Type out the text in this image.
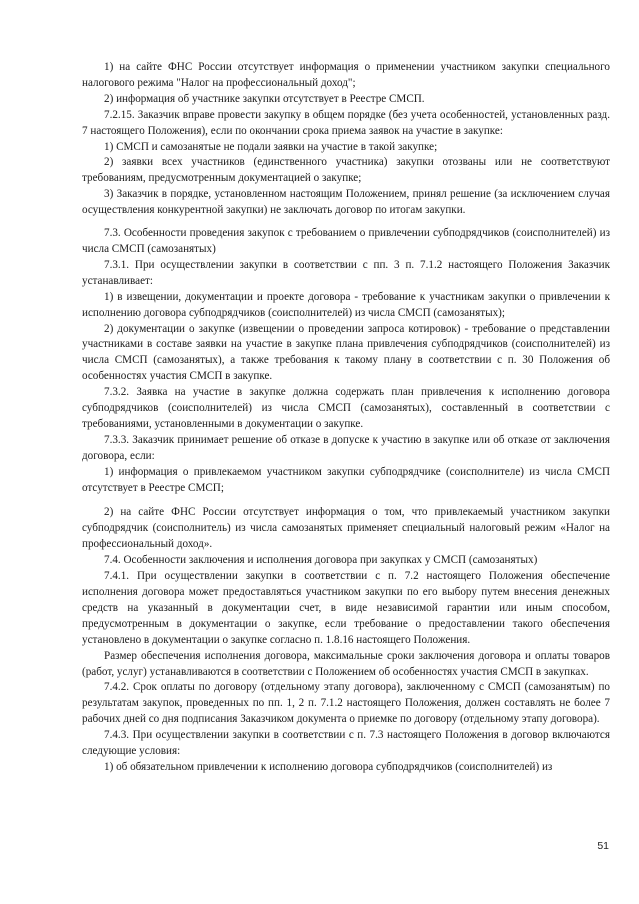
1) на сайте ФНС России отсутствует информация о применении участником закупки специального налогового режима "Налог на профессиональный доход";

2) информация об участнике закупки отсутствует в Реестре СМСП.

7.2.15. Заказчик вправе провести закупку в общем порядке (без учета особенностей, установленных разд. 7 настоящего Положения), если по окончании срока приема заявок на участие в закупке:

1) СМСП и самозанятые не подали заявки на участие в такой закупке;

2) заявки всех участников (единственного участника) закупки отозваны или не соответствуют требованиям, предусмотренным документацией о закупке;

3) Заказчик в порядке, установленном настоящим Положением, принял решение (за исключением случая осуществления конкурентной закупки) не заключать договор по итогам закупки.

7.3. Особенности проведения закупок с требованием о привлечении субподрядчиков (соисполнителей) из числа СМСП (самозанятых)

7.3.1. При осуществлении закупки в соответствии с пп. 3 п. 7.1.2 настоящего Положения Заказчик устанавливает:

1) в извещении, документации и проекте договора - требование к участникам закупки о привлечении к исполнению договора субподрядчиков (соисполнителей) из числа СМСП (самозанятых);

2) документации о закупке (извещении о проведении запроса котировок) - требование о представлении участниками в составе заявки на участие в закупке плана привлечения субподрядчиков (соисполнителей) из числа СМСП (самозанятых), а также требования к такому плану в соответствии с п. 30 Положения об особенностях участия СМСП в закупке.

7.3.2. Заявка на участие в закупке должна содержать план привлечения к исполнению договора субподрядчиков (соисполнителей) из числа СМСП (самозанятых), составленный в соответствии с требованиями, установленными в документации о закупке.

7.3.3. Заказчик принимает решение об отказе в допуске к участию в закупке или об отказе от заключения договора, если:

1) информация о привлекаемом участником закупки субподрядчике (соисполнителе) из числа СМСП отсутствует в Реестре СМСП;

2) на сайте ФНС России отсутствует информация о том, что привлекаемый участником закупки субподрядчик (соисполнитель) из числа самозанятых применяет специальный налоговый режим «Налог на профессиональный доход».

7.4. Особенности заключения и исполнения договора при закупках у СМСП (самозанятых)

7.4.1. При осуществлении закупки в соответствии с п. 7.2 настоящего Положения обеспечение исполнения договора может предоставляться участником закупки по его выбору путем внесения денежных средств на указанный в документации счет, в виде независимой гарантии или иным способом, предусмотренным в документации о закупке, если требование о предоставлении такого обеспечения установлено в документации о закупке согласно п. 1.8.16 настоящего Положения.

Размер обеспечения исполнения договора, максимальные сроки заключения договора и оплаты товаров (работ, услуг) устанавливаются в соответствии с Положением об особенностях участия СМСП в закупках.

7.4.2. Срок оплаты по договору (отдельному этапу договора), заключенному с СМСП (самозанятым) по результатам закупок, проведенных по пп. 1, 2 п. 7.1.2 настоящего Положения, должен составлять не более 7 рабочих дней со дня подписания Заказчиком документа о приемке по договору (отдельному этапу договора).

7.4.3. При осуществлении закупки в соответствии с п. 7.3 настоящего Положения в договор включаются следующие условия:

1) об обязательном привлечении к исполнению договора субподрядчиков (соисполнителей) из

51
